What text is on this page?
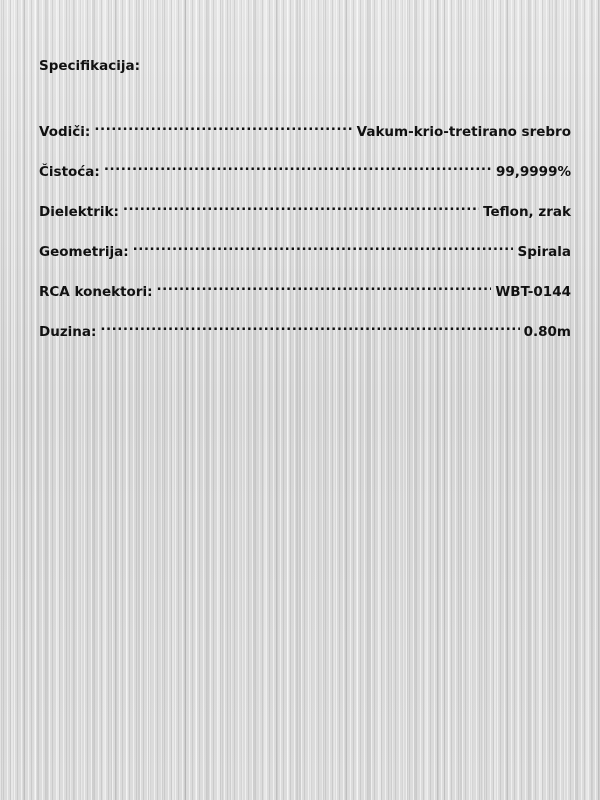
Specifikacija:
Vodiči: .....	Vakum-krio-tretirano srebro
Čistoća: .....	99,9999%
Dielektrik: .....	Teflon, zrak
Geometrija: .....	Spirala
RCA konektori: .....	WBT-0144
Duzina: .....	0.80m
